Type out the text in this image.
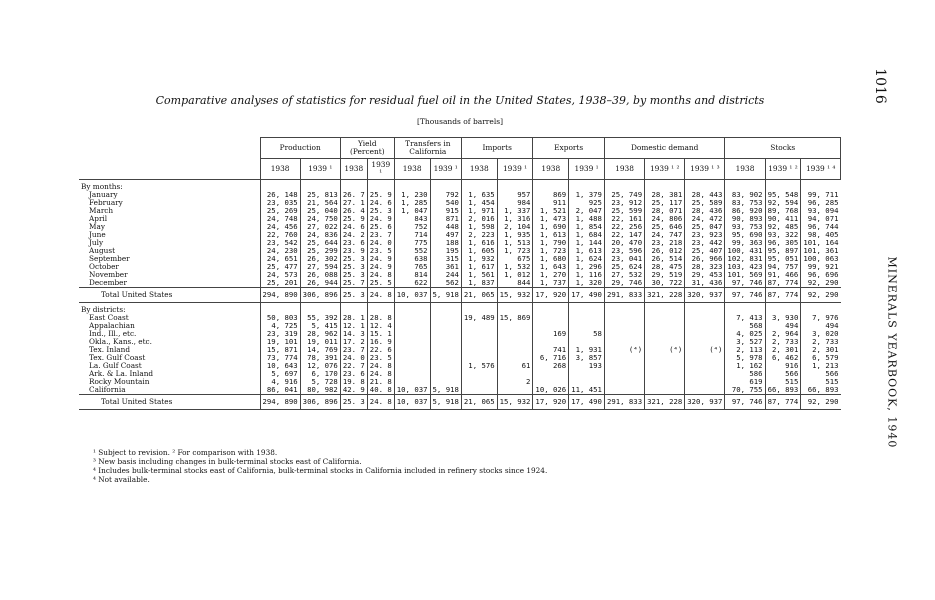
Comparative analyses of statistics for residual fuel oil in the United States, 1938–39, by months and districts
[Thousands of barrels]
1016
MINERALS YEARBOOK, 1940
	Production		Yield (Percent)		Transfers in California		Imports		Exports		Domestic demand			Stocks		
	1938	1939 ¹	1938	1939 ¹	1938	1939 ¹	1938	1939 ¹	1938	1939 ¹	1938	1939 ¹ ²	1939 ¹ ³	1938	1939 ¹ ²	1939 ¹ ⁴
By months:																
January	26, 148	25, 813	26. 7	25. 9	1, 230	792	1, 635	957	869	1, 379	25, 749	28, 381	28, 443	83, 902	95, 548	99, 711
February	23, 035	21, 564	27. 1	24. 6	1, 285	540	1, 454	984	911	925	23, 912	25, 117	25, 589	83, 753	92, 594	96, 285
March	25, 269	25, 040	26. 4	25. 3	1, 047	915	1, 971	1, 337	1, 521	2, 047	25, 599	28, 071	28, 436	86, 920	89, 768	93, 094
April	24, 748	24, 750	25. 9	24. 9	843	871	2, 016	1, 316	1, 473	1, 488	22, 161	24, 806	24, 472	90, 893	90, 411	94, 071
May	24, 456	27, 022	24. 6	25. 6	752	448	1, 598	2, 104	1, 690	1, 854	22, 256	25, 646	25, 047	93, 753	92, 485	96, 744
June	22, 760	24, 836	24. 2	23. 7	714	497	2, 223	1, 935	1, 613	1, 684	22, 147	24, 747	23, 923	95, 690	93, 322	98, 405
July	23, 542	25, 644	23. 6	24. 0	775	188	1, 616	1, 513	1, 790	1, 144	20, 470	23, 218	23, 442	99, 363	96, 305	101, 164
August	24, 230	25, 299	23. 9	23. 5	552	195	1, 605	1, 723	1, 723	1, 613	23, 596	26, 012	25, 407	100, 431	95, 897	101, 361
September	24, 651	26, 302	25. 3	24. 9	638	315	1, 932	675	1, 680	1, 624	23, 041	26, 514	26, 966	102, 831	95, 051	100, 063
October	25, 477	27, 594	25. 3	24. 9	765	361	1, 617	1, 532	1, 643	1, 296	25, 624	28, 475	28, 323	103, 423	94, 757	99, 921
November	24, 573	26, 088	25. 3	24. 8	814	244	1, 561	1, 012	1, 270	1, 116	27, 532	29, 519	29, 453	101, 569	91, 466	96, 696
December	25, 201	26, 944	25. 7	25. 5	622	562	1, 837	844	1, 737	1, 320	29, 746	30, 722	31, 436	97, 746	87, 774	92, 290
Total United States	294, 890	306, 896	25. 3	24. 8	10, 037	5, 918	21, 065	15, 932	17, 920	17, 490	291, 833	321, 228	320, 937	97, 746	87, 774	92, 290
By districts:																
East Coast	50, 803	55, 392	28. 1	28. 8			19, 489	15, 869						7, 413	3, 930	7, 976
Appalachian	4, 725	5, 415	12. 1	12. 4										568	494	494
Ind., Ill., etc.	23, 319	28, 962	14. 3	15. 1					169	58				4, 025	2, 964	3, 020
Okla., Kans., etc.	19, 101	19, 011	17. 2	16. 9										3, 527	2, 733	2, 733
Tex. Inland	15, 871	14, 769	23. 7	22. 6					741	1, 931	(⁴)	(⁴)	(⁴)	2, 113	2, 301	2, 301
Tex. Gulf Coast	73, 774	78, 391	24. 0	23. 5					6, 716	3, 857				5, 978	6, 462	6, 579
La. Gulf Coast	10, 643	12, 076	22. 7	24. 8			1, 576	61	268	193				1, 162	916	1, 213
Ark. & La. Inland	5, 697	6, 170	23. 6	24. 8										586	566	566
Rocky Mountain	4, 916	5, 728	19. 8	21. 8				2						619	515	515
California	86, 041	80, 982	42. 9	40. 8	10, 037	5, 918			10, 026	11, 451				70, 755	66, 893	66, 893
Total United States	294, 890	306, 896	25. 3	24. 8	10, 037	5, 918	21, 065	15, 932	17, 920	17, 490	291, 833	321, 228	320, 937	97, 746	87, 774	92, 290
¹ Subject to revision. ² For comparison with 1938.
³ New basis including changes in bulk-terminal stocks east of California.
⁴ Includes bulk-terminal stocks east of California, bulk-terminal stocks in California included in refinery stocks since 1924.
⁴ Not available.
